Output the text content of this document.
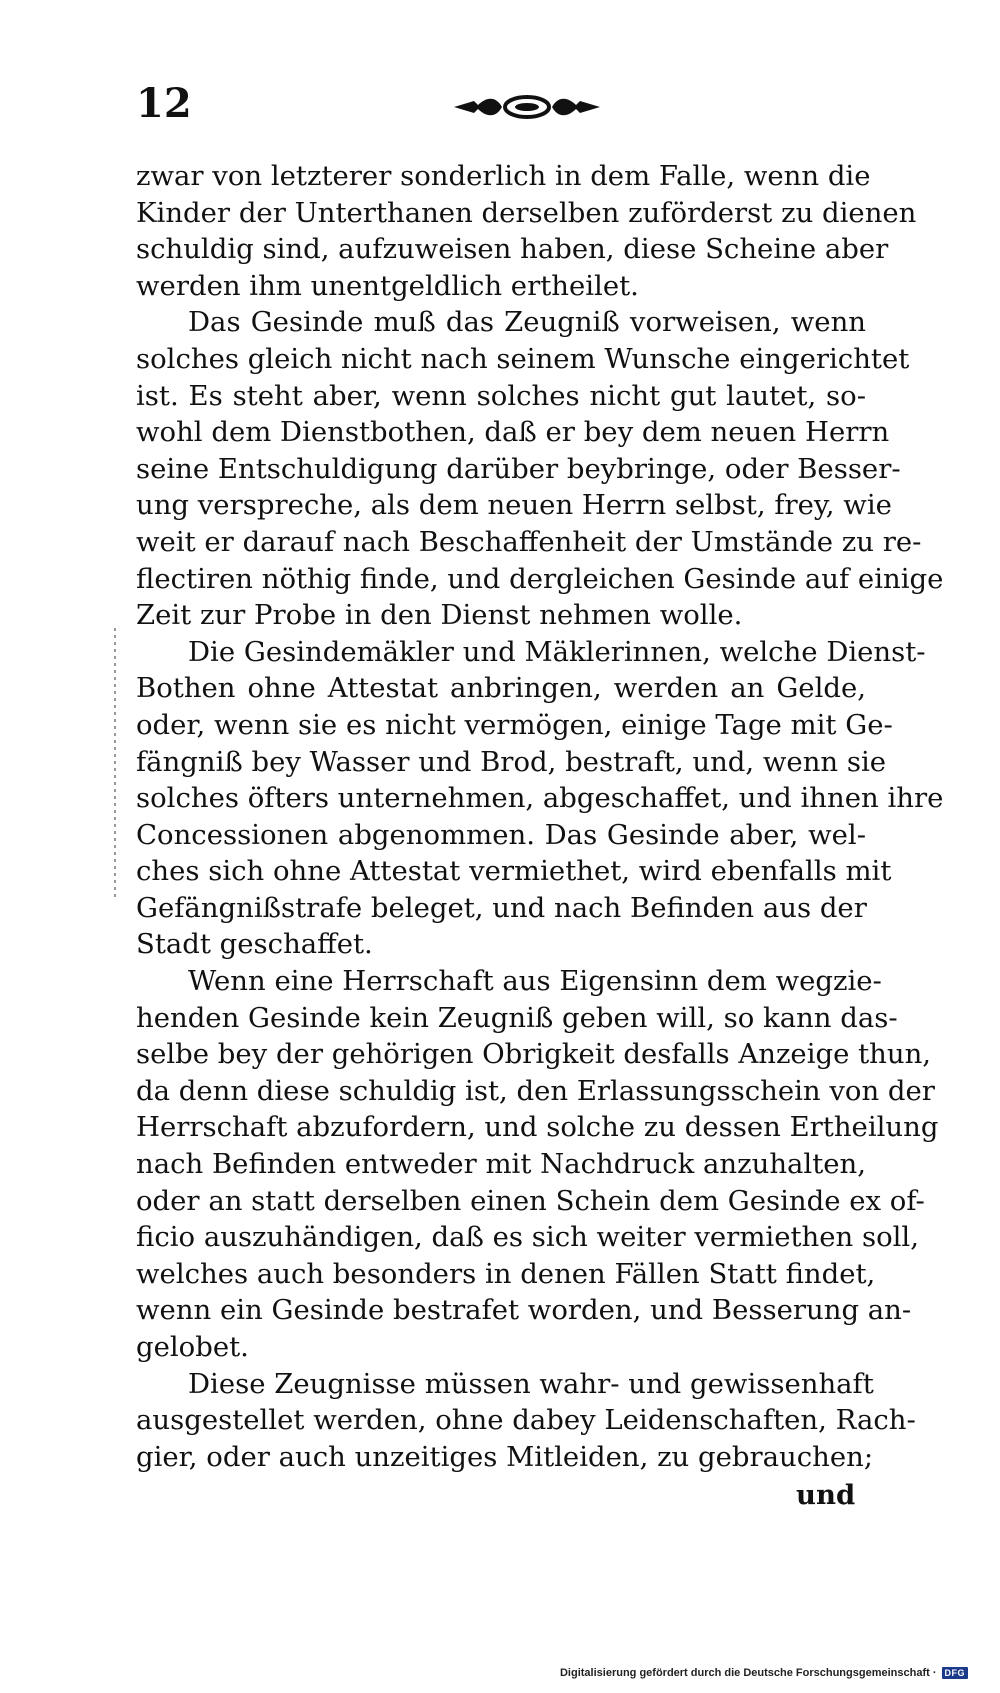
12
zwar von letzterer sonderlich in dem Falle, wenn die
Kinder der Unterthanen derselben zuförderst zu dienen
schuldig sind, aufzuweisen haben, diese Scheine aber
werden ihm unentgeldlich ertheilet.
Das Gesinde muß das Zeugniß vorweisen, wenn
solches gleich nicht nach seinem Wunsche eingerichtet
ist. Es steht aber, wenn solches nicht gut lautet, so-
wohl dem Dienstbothen, daß er bey dem neuen Herrn
seine Entschuldigung darüber beybringe, oder Besser-
ung verspreche, als dem neuen Herrn selbst, frey, wie
weit er darauf nach Beschaffenheit der Umstände zu re-
flectiren nöthig finde, und dergleichen Gesinde auf einige
Zeit zur Probe in den Dienst nehmen wolle.
Die Gesindemäkler und Mäklerinnen, welche Dienst-
Bothen ohne Attestat anbringen, werden an Gelde,
oder, wenn sie es nicht vermögen, einige Tage mit Ge-
fängniß bey Wasser und Brod, bestraft, und, wenn sie
solches öfters unternehmen, abgeschaffet, und ihnen ihre
Concessionen abgenommen. Das Gesinde aber, wel-
ches sich ohne Attestat vermiethet, wird ebenfalls mit
Gefängnißstrafe beleget, und nach Befinden aus der
Stadt geschaffet.
Wenn eine Herrschaft aus Eigensinn dem wegzie-
henden Gesinde kein Zeugniß geben will, so kann das-
selbe bey der gehörigen Obrigkeit desfalls Anzeige thun,
da denn diese schuldig ist, den Erlassungsschein von der
Herrschaft abzufordern, und solche zu dessen Ertheilung
nach Befinden entweder mit Nachdruck anzuhalten,
oder an statt derselben einen Schein dem Gesinde ex of-
ficio auszuhändigen, daß es sich weiter vermiethen soll,
welches auch besonders in denen Fällen Statt findet,
wenn ein Gesinde bestrafet worden, und Besserung an-
gelobet.
Diese Zeugnisse müssen wahr- und gewissenhaft
ausgestellet werden, ohne dabey Leidenschaften, Rach-
gier, oder auch unzeitiges Mitleiden, zu gebrauchen;
und
Digitalisierung gefördert durch die Deutsche Forschungsgemeinschaft · DFG
